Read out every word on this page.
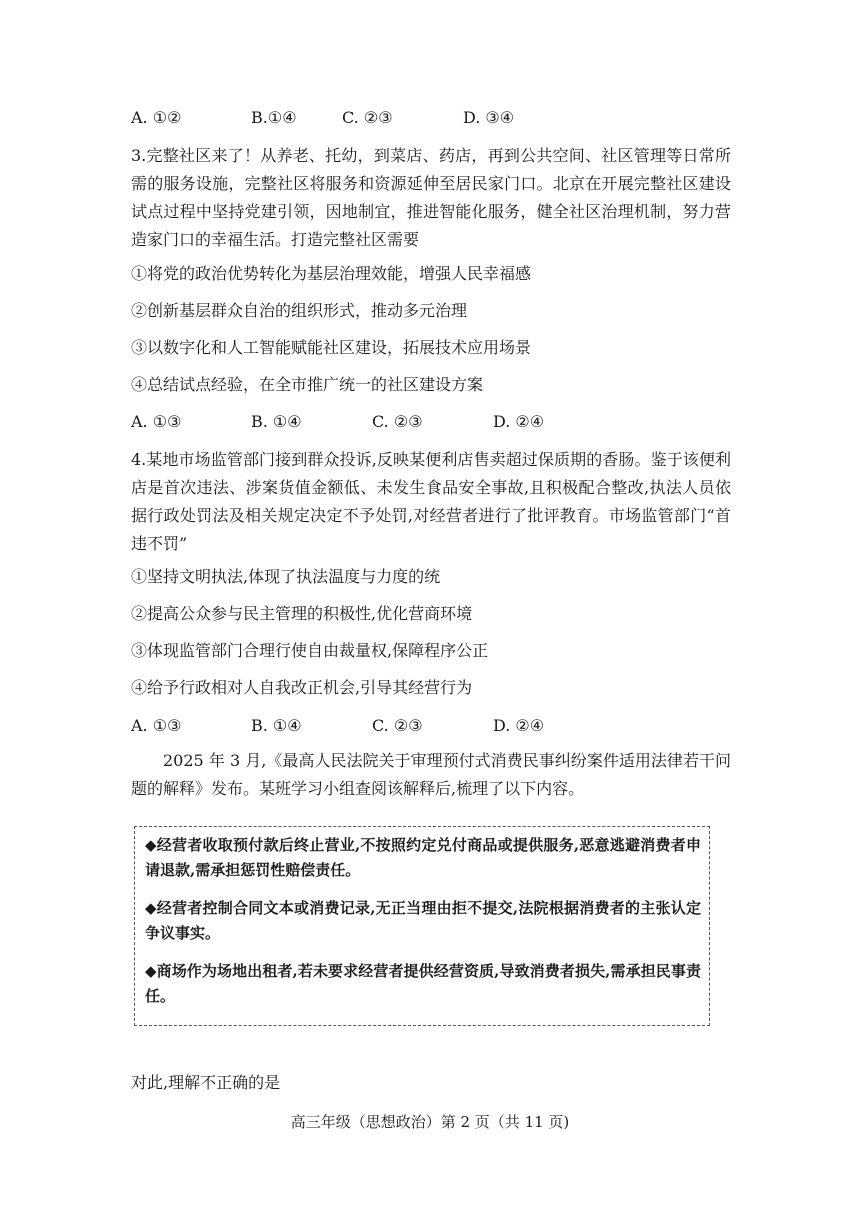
A. ①②	B.①④	C. ②③	D. ③④
3.完整社区来了！从养老、托幼，到菜店、药店，再到公共空间、社区管理等日常所需的服务设施，完整社区将服务和资源延伸至居民家门口。北京在开展完整社区建设试点过程中坚持党建引领，因地制宜，推进智能化服务，健全社区治理机制，努力营造家门口的幸福生活。打造完整社区需要
①将党的政治优势转化为基层治理效能，增强人民幸福感
②创新基层群众自治的组织形式，推动多元治理
③以数字化和人工智能赋能社区建设，拓展技术应用场景
④总结试点经验，在全市推广统一的社区建设方案
A. ①③	B. ①④	C. ②③	D. ②④
4.某地市场监管部门接到群众投诉,反映某便利店售卖超过保质期的香肠。鉴于该便利店是首次违法、涉案货值金额低、未发生食品安全事故,且积极配合整改,执法人员依据行政处罚法及相关规定决定不予处罚,对经营者进行了批评教育。市场监管部门“首违不罚”
①坚持文明执法,体现了执法温度与力度的统
②提高公众参与民主管理的积极性,优化营商环境
③体现监管部门合理行使自由裁量权,保障程序公正
④给予行政相对人自我改正机会,引导其经营行为
A. ①③	B. ①④	C. ②③	D. ②④
2025 年 3 月,《最高人民法院关于审理预付式消费民事纠纷案件适用法律若干问题的解释》发布。某班学习小组查阅该解释后,梳理了以下内容。
◆经营者收取预付款后终止营业,不按照约定兑付商品或提供服务,恶意逃避消费者申请退款,需承担惩罚性赔偿责任。
◆经营者控制合同文本或消费记录,无正当理由拒不提交,法院根据消费者的主张认定争议事实。
◆商场作为场地出租者,若未要求经营者提供经营资质,导致消费者损失,需承担民事责任。
对此,理解不正确的是
高三年级（思想政治）第 2 页（共 11 页)
